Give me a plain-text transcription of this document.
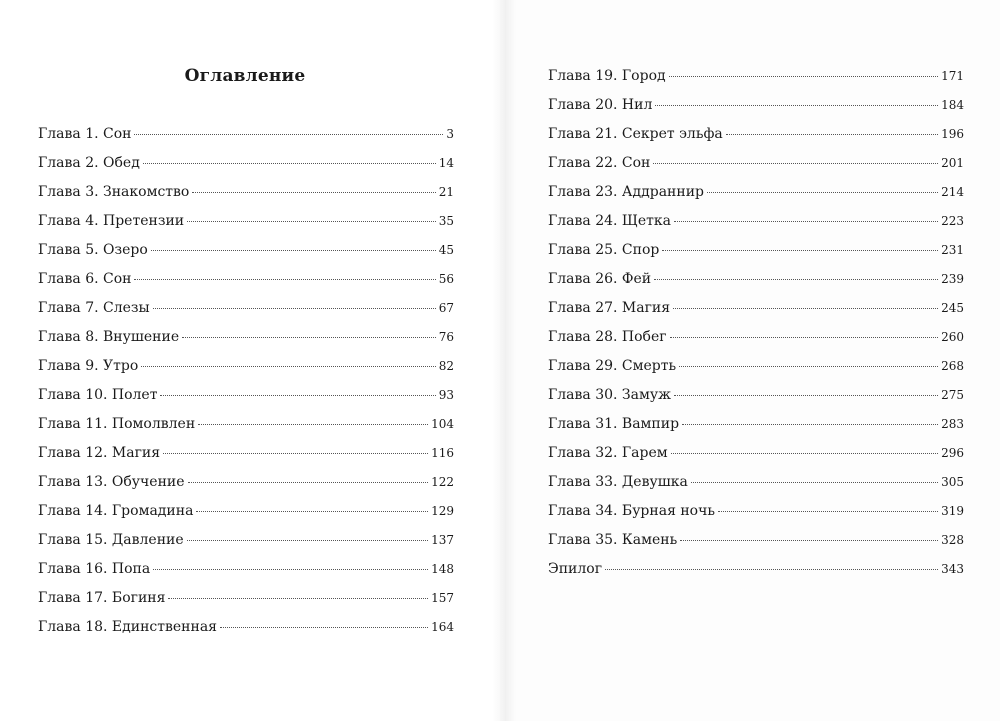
Оглавление
Глава 1. Сон	3
Глава 2. Обед	14
Глава 3. Знакомство	21
Глава 4. Претензии	35
Глава 5. Озеро	45
Глава 6. Сон	56
Глава 7. Слезы	67
Глава 8. Внушение	76
Глава 9. Утро	82
Глава 10. Полет	93
Глава 11. Помолвлен	104
Глава 12. Магия	116
Глава 13. Обучение	122
Глава 14. Громадина	129
Глава 15. Давление	137
Глава 16. Попа	148
Глава 17. Богиня	157
Глава 18. Единственная	164
Глава 19. Город	171
Глава 20. Нил	184
Глава 21. Секрет эльфа	196
Глава 22. Сон	201
Глава 23. Аддраннир	214
Глава 24. Щетка	223
Глава 25. Спор	231
Глава 26. Фей	239
Глава 27. Магия	245
Глава 28. Побег	260
Глава 29. Смерть	268
Глава 30. Замуж	275
Глава 31. Вампир	283
Глава 32. Гарем	296
Глава 33. Девушка	305
Глава 34. Бурная ночь	319
Глава 35. Камень	328
Эпилог	343
